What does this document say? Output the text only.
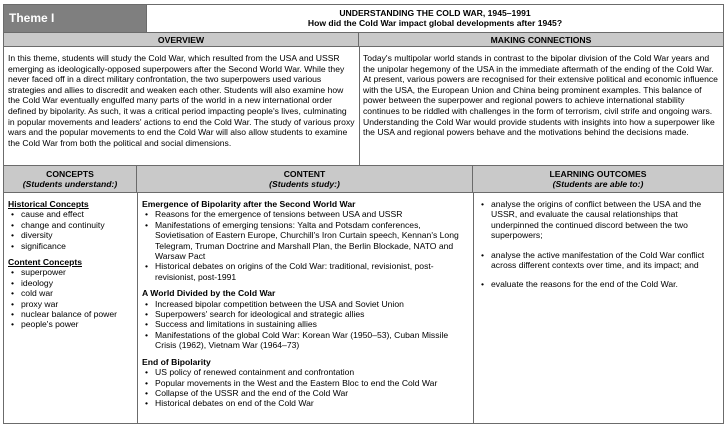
Theme I	UNDERSTANDING THE COLD WAR, 1945–1991
How did the Cold War impact global developments after 1945?
OVERVIEW	MAKING CONNECTIONS

In this theme, students will study the Cold War, which resulted from the USA and USSR emerging as ideologically-opposed superpowers after the Second World War. While they never faced off in a direct military confrontation, the two superpowers used various strategies and allies to discredit and weaken each other. Students will also examine how the Cold War eventually engulfed many parts of the world in a new international order defined by bipolarity. As such, it was a critical period impacting people's lives, culminating in popular movements and leaders' actions to end the Cold War. The study of various proxy wars and the popular movements to end the Cold War will also allow students to examine the Cold War from both the political and social dimensions.

Today's multipolar world stands in contrast to the bipolar division of the Cold War years and the unipolar hegemony of the USA in the immediate aftermath of the ending of the Cold War. At present, various powers are recognised for their extensive political and economic influence with the USA, the European Union and China being prominent examples. This balance of power between the superpower and regional powers to achieve international stability continues to be riddled with challenges in the form of terrorism, civil strife and ongoing wars. Understanding the Cold War would provide students with insights into how a superpower like the USA and regional powers behave and the motivations behind the decisions made.

CONCEPTS
(Students understand:)
CONTENT
(Students study:)
LEARNING OUTCOMES
(Students are able to:)
Historical Concepts
• cause and effect
• change and continuity
• diversity
• significance
Content Concepts
• superpower
• ideology
• cold war
• proxy war
• nuclear balance of power
• people's power
Emergence of Bipolarity after the Second World War
• Reasons for the emergence of tensions between USA and USSR
• Manifestations of emerging tensions: Yalta and Potsdam conferences, Sovietisation of Eastern Europe, Churchill's Iron Curtain speech, Kennan's Long Telegram, Truman Doctrine and Marshall Plan, the Berlin Blockade, NATO and Warsaw Pact
• Historical debates on origins of the Cold War: traditional, revisionist, post-revisionist, post-1991
A World Divided by the Cold War
• Increased bipolar competition between the USA and Soviet Union
• Superpowers' search for ideological and strategic allies
• Success and limitations in sustaining allies
• Manifestations of the global Cold War: Korean War (1950–53), Cuban Missile Crisis (1962), Vietnam War (1964–73)
End of Bipolarity
• US policy of renewed containment and confrontation
• Popular movements in the West and the Eastern Bloc to end the Cold War
• Collapse of the USSR and the end of the Cold War
• Historical debates on end of the Cold War
• analyse the origins of conflict between the USA and the USSR, and evaluate the causal relationships that underpinned the continued discord between the two superpowers;
• analyse the active manifestation of the Cold War conflict across different contexts over time, and its impact; and
• evaluate the reasons for the end of the Cold War.
